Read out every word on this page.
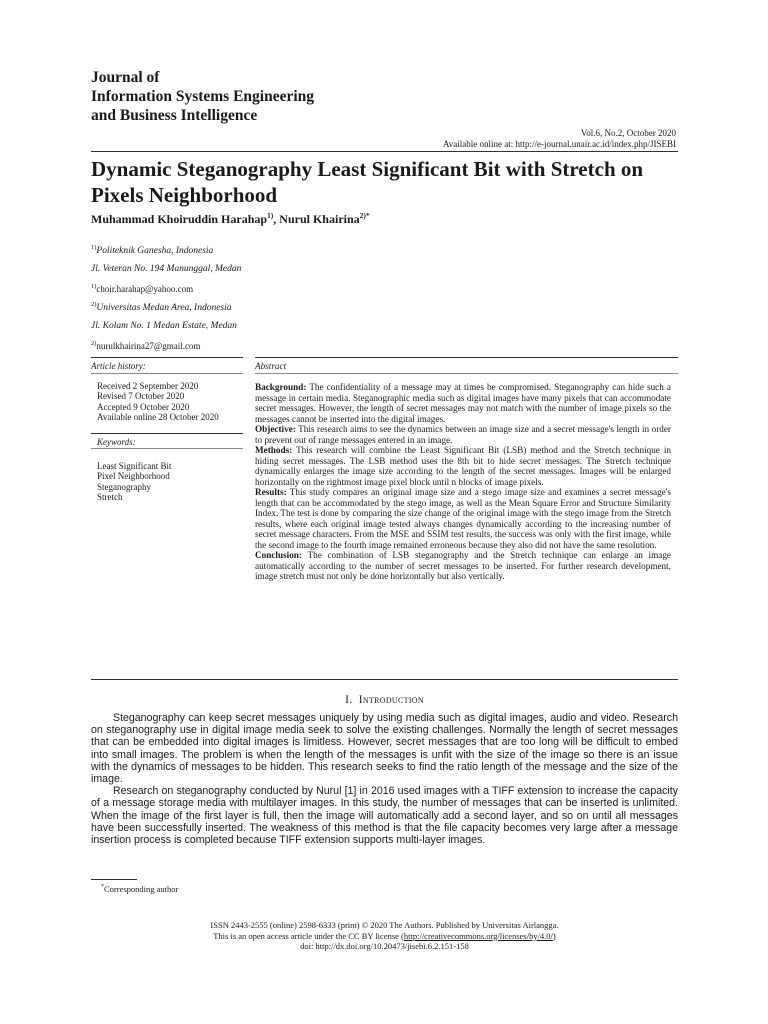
Journal of
Information Systems Engineering
and Business Intelligence
Vol.6, No.2, October 2020
Available online at: http://e-journal.unair.ac.id/index.php/JISEBI
Dynamic Steganography Least Significant Bit with Stretch on Pixels Neighborhood
Muhammad Khoiruddin Harahap$^{1)}$, Nurul Khairina$^{2)*}$
$^{1)}$Politeknik Ganesha, Indonesia
Jl. Veteran No. 194 Manunggal, Medan
$^{1)}$choir.harahap@yahoo.com
$^{2)}$Universitas Medan Area, Indonesia
Jl. Kolam No. 1 Medan Estate, Medan
$^{2)}$nurulkhairina27@gmail.com
Article history:
Received 2 September 2020
Revised 7 October 2020
Accepted 9 October 2020
Available online 28 October 2020
Keywords:
Least Significant Bit
Pixel Neighborhood
Steganography
Stretch
Abstract

Background: The confidentiality of a message may at times be compromised. Steganography can hide such a message in certain media. Steganographic media such as digital images have many pixels that can accommodate secret messages. However, the length of secret messages may not match with the number of image pixels so the messages cannot be inserted into the digital images.

Objective: This research aims to see the dynamics between an image size and a secret message's length in order to prevent out of range messages entered in an image.

Methods: This research will combine the Least Significant Bit (LSB) method and the Stretch technique in hiding secret messages. The LSB method uses the 8th bit to hide secret messages. The Stretch technique dynamically enlarges the image size according to the length of the secret messages. Images will be enlarged horizontally on the rightmost image pixel block until n blocks of image pixels.

Results: This study compares an original image size and a stego image size and examines a secret message's length that can be accommodated by the stego image, as well as the Mean Square Error and Structure Similarity Index. The test is done by comparing the size change of the original image with the stego image from the Stretch results, where each original image tested always changes dynamically according to the increasing number of secret message characters. From the MSE and SSIM test results, the success was only with the first image, while the second image to the fourth image remained erroneous because they also did not have the same resolution.

Conclusion: The combination of LSB steganography and the Stretch technique can enlarge an image automatically according to the number of secret messages to be inserted. For further research development, image stretch must not only be done horizontally but also vertically.

I. Introduction

Steganography can keep secret messages uniquely by using media such as digital images, audio and video. Research on steganography use in digital image media seek to solve the existing challenges. Normally the length of secret messages that can be embedded into digital images is limitless. However, secret messages that are too long will be difficult to embed into small images. The problem is when the length of the messages is unfit with the size of the image so there is an issue with the dynamics of messages to be hidden. This research seeks to find the ratio length of the message and the size of the image.

Research on steganography conducted by Nurul [1] in 2016 used images with a TIFF extension to increase the capacity of a message storage media with multilayer images. In this study, the number of messages that can be inserted is unlimited. When the image of the first layer is full, then the image will automatically add a second layer, and so on until all messages have been successfully inserted. The weakness of this method is that the file capacity becomes very large after a message insertion process is completed because TIFF extension supports multi-layer images.

*Corresponding author
ISSN 2443-2555 (online) 2598-6333 (print) © 2020 The Authors. Published by Universitas Airlangga.
This is an open access article under the CC BY license (http://creativecommons.org/licenses/by/4.0/)
doi: http://dx.doi.org/10.20473/jisebi.6.2.151-158
